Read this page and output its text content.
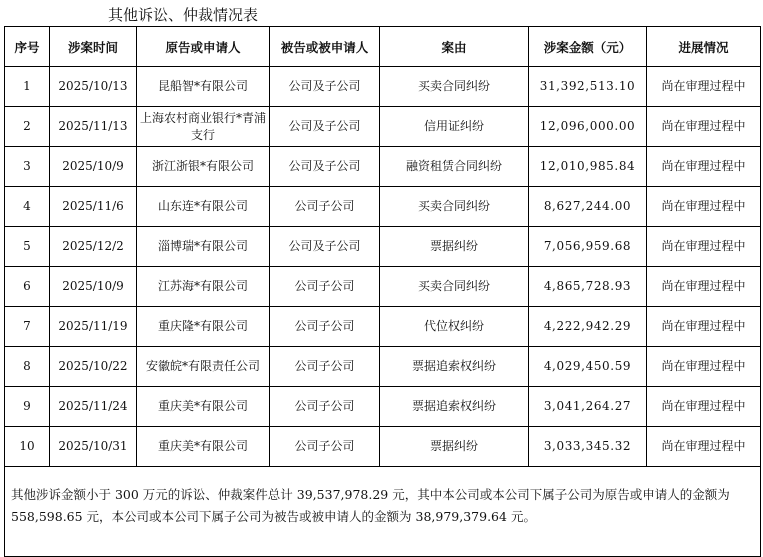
其他诉讼、仲裁情况表
序号	涉案时间	原告或申请人	被告或被申请人	案由	涉案金额（元）	进展情况
1	2025/10/13	昆船智*有限公司	公司及子公司	买卖合同纠纷	31,392,513.10	尚在审理过程中
2	2025/11/13	上海农村商业银行*青浦支行	公司及子公司	信用证纠纷	12,096,000.00	尚在审理过程中
3	2025/10/9	浙江浙银*有限公司	公司及子公司	融资租赁合同纠纷	12,010,985.84	尚在审理过程中
4	2025/11/6	山东连*有限公司	公司子公司	买卖合同纠纷	8,627,244.00	尚在审理过程中
5	2025/12/2	淄博瑞*有限公司	公司及子公司	票据纠纷	7,056,959.68	尚在审理过程中
6	2025/10/9	江苏海*有限公司	公司子公司	买卖合同纠纷	4,865,728.93	尚在审理过程中
7	2025/11/19	重庆隆*有限公司	公司子公司	代位权纠纷	4,222,942.29	尚在审理过程中
8	2025/10/22	安徽皖*有限责任公司	公司子公司	票据追索权纠纷	4,029,450.59	尚在审理过程中
9	2025/11/24	重庆美*有限公司	公司子公司	票据追索权纠纷	3,041,264.27	尚在审理过程中
10	2025/10/31	重庆美*有限公司	公司子公司	票据纠纷	3,033,345.32	尚在审理过程中
其他涉诉金额小于 300 万元的诉讼、仲裁案件总计 39,537,978.29 元，其中本公司或本公司下属子公司为原告或申请人的金额为 558,598.65 元，本公司或本公司下属子公司为被告或被申请人的金额为 38,979,379.64 元。						
